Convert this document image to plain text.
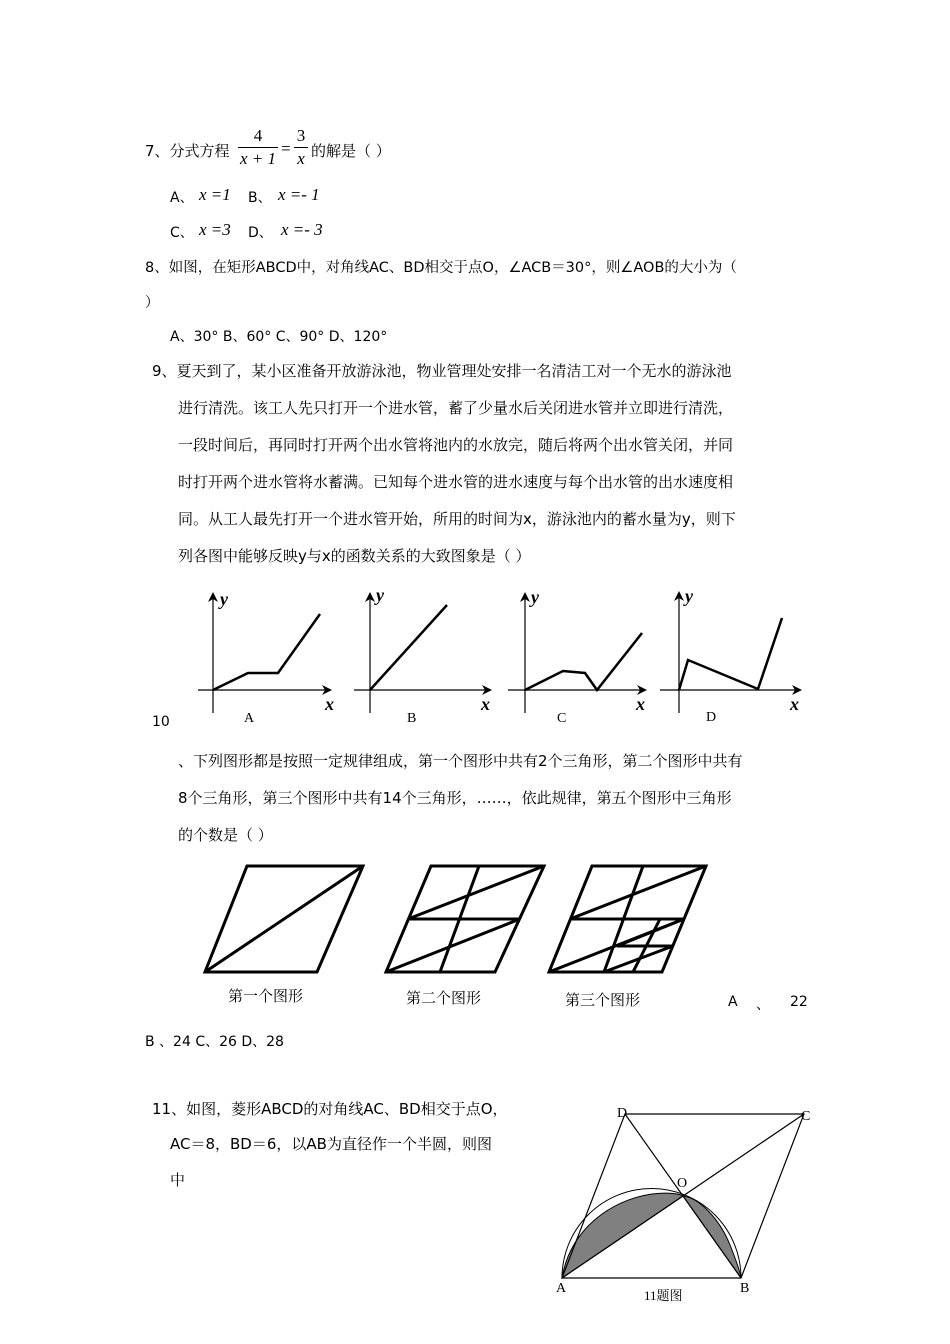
7、分式方程
4
x + 1
=
3
x 的解是（ ）
A、 x =1 B、 x =- 1
C、 x =3 D、 x =- 3
8、如图，在矩形ABCD中，对角线AC、BD相交于点O，∠ACB＝30°，则∠AOB的大小为（
）
A、30° B、60° C、90° D、120°
9、夏天到了，某小区准备开放游泳池，物业管理处安排一名清洁工对一个无水的游泳池
进行清洗。该工人先只打开一个进水管，蓄了少量水后关闭进水管并立即进行清洗，
一段时间后，再同时打开两个出水管将池内的水放完，随后将两个出水管关闭，并同
时打开两个进水管将水蓄满。已知每个进水管的进水速度与每个出水管的出水速度相
同。从工人最先打开一个进水管开始，所用的时间为x，游泳池内的蓄水量为y，则下
列各图中能够反映y与x的函数关系的大致图象是（ ）
y
x
A
y
x
B
y
x
C
y
x
D
A	B
C
D
O
11题图
10
、下列图形都是按照一定规律组成，第一个图形中共有2个三角形，第二个图形中共有
8个三角形，第三个图形中共有14个三角形，……，依此规律，第五个图形中三角形
的个数是（ ）
第一个图形	第二个图形	第三个图形	A 、 22
B 、24 C、26 D、28
11、如图，菱形ABCD的对角线AC、BD相交于点O，
AC＝8，BD＝6，以AB为直径作一个半圆，则图
中
